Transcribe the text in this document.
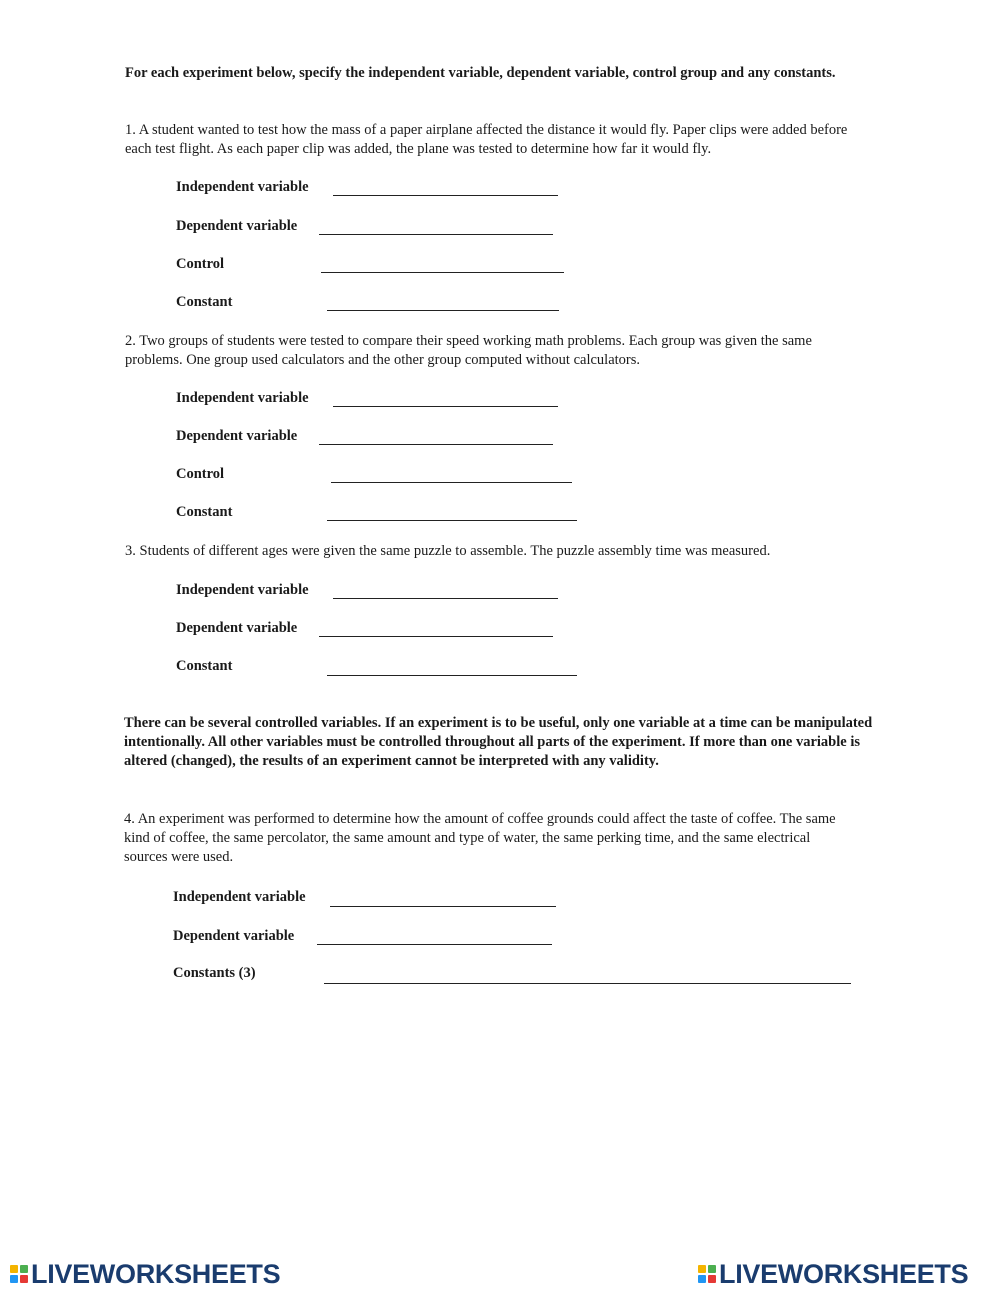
For each experiment below, specify the independent variable, dependent variable, control group and any constants.

1. A student wanted to test how the mass of a paper airplane affected the distance it would fly. Paper clips were added before each test flight. As each paper clip was added, the plane was tested to determine how far it would fly.

Independent variable
Dependent variable
Control
Constant

2. Two groups of students were tested to compare their speed working math problems. Each group was given the same problems. One group used calculators and the other group computed without calculators.

Independent variable
Dependent variable
Control
Constant

3. Students of different ages were given the same puzzle to assemble. The puzzle assembly time was measured.

Independent variable
Dependent variable
Constant

There can be several controlled variables. If an experiment is to be useful, only one variable at a time can be manipulated intentionally. All other variables must be controlled throughout all parts of the experiment. If more than one variable is altered (changed), the results of an experiment cannot be interpreted with any validity.

4. An experiment was performed to determine how the amount of coffee grounds could affect the taste of coffee. The same kind of coffee, the same percolator, the same amount and type of water, the same perking time, and the same electrical sources were used.

Independent variable
Dependent variable
Constants (3)
LIVEWORKSHEETS	LIVEWORKSHEETS
